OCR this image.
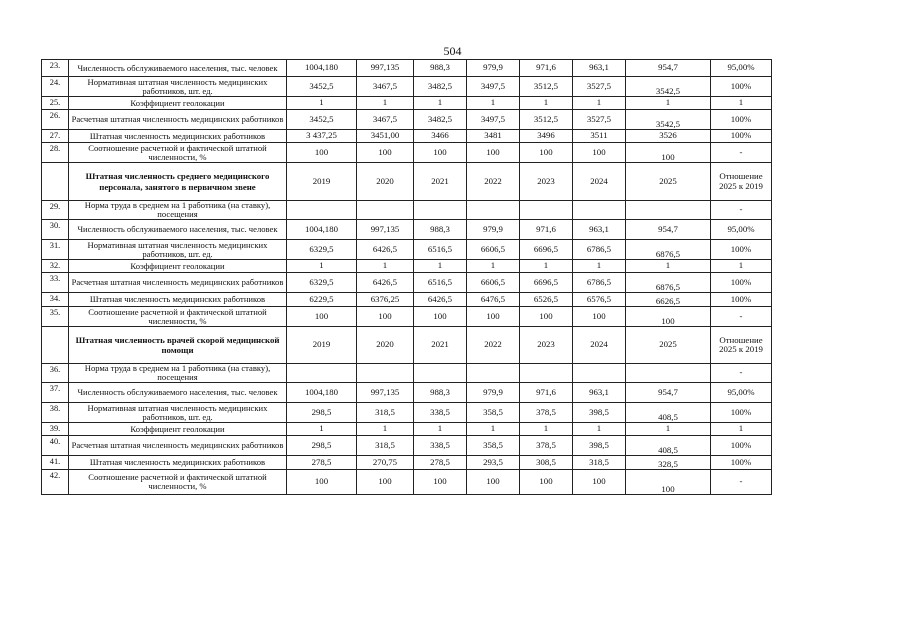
504
23.	Численность обслуживаемого населения, тыс. человек	1004,180	997,135	988,3	979,9	971,6	963,1	954,7	95,00%
24.	Нормативная штатная численность медицинских работников, шт. ед.	3452,5	3467,5	3482,5	3497,5	3512,5	3527,5	3542,5	100%
25.	Коэффициент геолокации	1	1	1	1	1	1	1	1
26.	Расчетная штатная численность медицинских работников	3452,5	3467,5	3482,5	3497,5	3512,5	3527,5	3542,5	100%
27.	Штатная численность медицинских работников	3 437,25	3451,00	3466	3481	3496	3511	3526	100%
28.	Соотношение расчетной и фактической штатной численности, %	100	100	100	100	100	100	100	-
	Штатная численность среднего медицинского персонала, занятого в первичном звене	2019	2020	2021	2022	2023	2024	2025	Отношение 2025 к 2019
29.	Норма труда в среднем на 1 работника (на ставку), посещения								-
30.	Численность обслуживаемого населения, тыс. человек	1004,180	997,135	988,3	979,9	971,6	963,1	954,7	95,00%
31.	Нормативная штатная численность медицинских работников, шт. ед.	6329,5	6426,5	6516,5	6606,5	6696,5	6786,5	6876,5	100%
32.	Коэффициент геолокации	1	1	1	1	1	1	1	1
33.	Расчетная штатная численность медицинских работников	6329,5	6426,5	6516,5	6606,5	6696,5	6786,5	6876,5	100%
34.	Штатная численность медицинских работников	6229,5	6376,25	6426,5	6476,5	6526,5	6576,5	6626,5	100%
35.	Соотношение расчетной и фактической штатной численности, %	100	100	100	100	100	100	100	-
	Штатная численность врачей скорой медицинской помощи	2019	2020	2021	2022	2023	2024	2025	Отношение 2025 к 2019
36.	Норма труда в среднем на 1 работника (на ставку), посещения								-
37.	Численность обслуживаемого населения, тыс. человек	1004,180	997,135	988,3	979,9	971,6	963,1	954,7	95,00%
38.	Нормативная штатная численность медицинских работников, шт. ед.	298,5	318,5	338,5	358,5	378,5	398,5	408,5	100%
39.	Коэффициент геолокации	1	1	1	1	1	1	1	1
40.	Расчетная штатная численность медицинских работников	298,5	318,5	338,5	358,5	378,5	398,5	408,5	100%
41.	Штатная численность медицинских работников	278,5	270,75	278,5	293,5	308,5	318,5	328,5	100%
42.	Соотношение расчетной и фактической штатной численности, %	100	100	100	100	100	100	100	-
